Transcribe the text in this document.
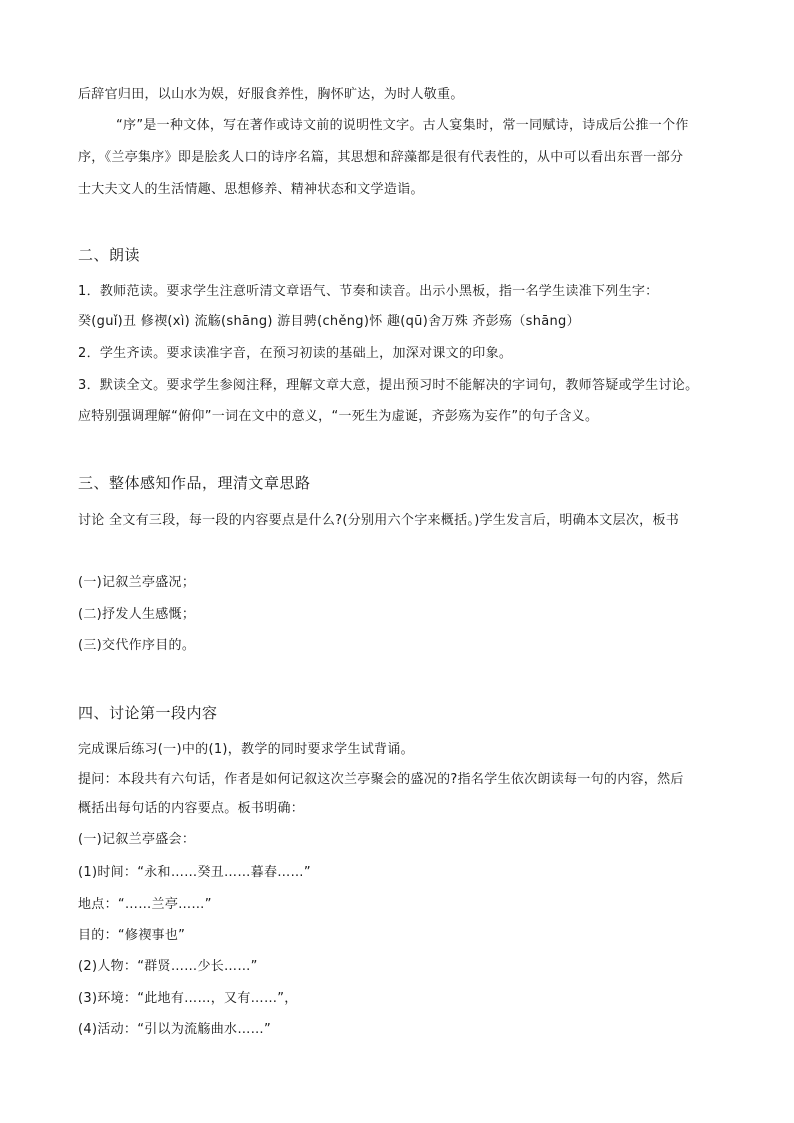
后辞官归田，以山水为娱，好服食养性，胸怀旷达，为时人敬重。
“序”是一种文体，写在著作或诗文前的说明性文字。古人宴集时，常一同赋诗，诗成后公推一个作
序，《兰亭集序》即是脍炙人口的诗序名篇，其思想和辞藻都是很有代表性的，从中可以看出东晋一部分
士大夫文人的生活情趣、思想修养、精神状态和文学造诣。
二、朗读
1．教师范读。要求学生注意听清文章语气、节奏和读音。出示小黑板，指一名学生读准下列生字：
癸(guǐ)丑 修禊(xì) 流觞(shāng) 游目骋(chěng)怀 趣(qū)舍万殊 齐彭殇（shāng）
2．学生齐读。要求读准字音，在预习初读的基础上，加深对课文的印象。
3．默读全文。要求学生参阅注释，理解文章大意，提出预习时不能解决的字词句，教师答疑或学生讨论。
应特别强调理解“俯仰”一词在文中的意义，“一死生为虚诞，齐彭殇为妄作”的句子含义。
三、整体感知作品，理清文章思路
讨论 全文有三段，每一段的内容要点是什么?(分别用六个字来概括。)学生发言后，明确本文层次，板书
(一)记叙兰亭盛况；
(二)抒发人生感慨；
(三)交代作序目的。
四、讨论第一段内容
完成课后练习(一)中的(1)，教学的同时要求学生试背诵。
提问：本段共有六句话，作者是如何记叙这次兰亭聚会的盛况的?指名学生依次朗读每一句的内容，然后
概括出每句话的内容要点。板书明确：
(一)记叙兰亭盛会：
(1)时间：“永和……癸丑……暮春……”
地点：“……兰亭……”
目的：“修禊事也”
(2)人物：“群贤……少长……”
(3)环境：“此地有……，又有……”，
(4)活动：“引以为流觞曲水……”
